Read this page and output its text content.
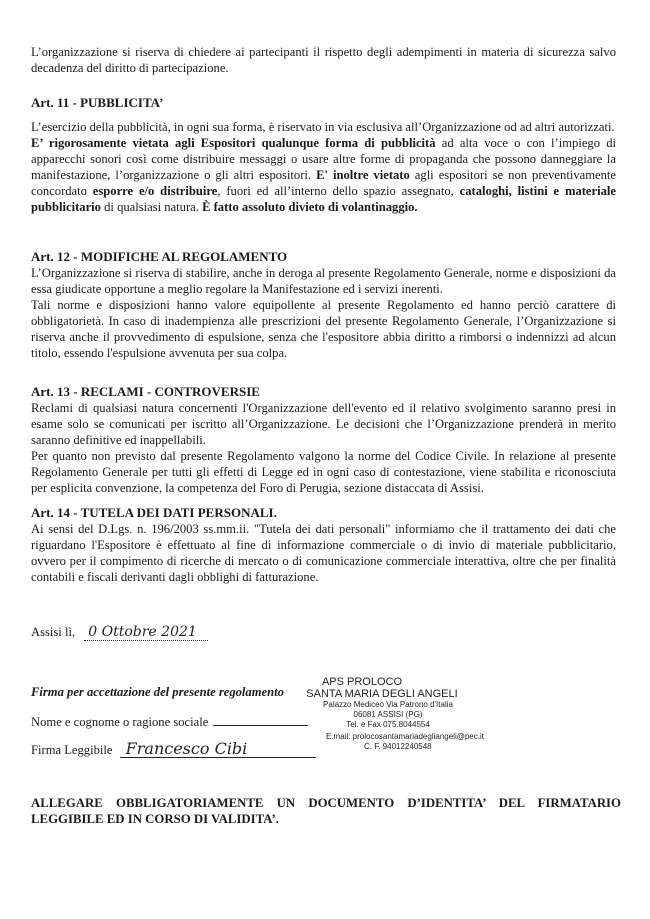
L’organizzazione si riserva di chiedere ai partecipanti il rispetto degli adempimenti in materia di sicurezza salvo decadenza del diritto di partecipazione.

Art. 11 - PUBBLICITA’

L’esercizio della pubblicità, in ogni sua forma, è riservato in via esclusiva all’Organizzazione od ad altri autorizzati.

E’ rigorosamente vietata agli Espositori qualunque forma di pubblicità ad alta voce o con l’impiego di apparecchi sonori così come distribuire messaggi o usare altre forme di propaganda che possono danneggiare la manifestazione, l’organizzazione o gli altri espositori. E' inoltre vietato agli espositori se non preventivamente concordato esporre e/o distribuire, fuori ed all’interno dello spazio assegnato, cataloghi, listini e materiale pubblicitario di qualsiasi natura. È fatto assoluto divieto di volantinaggio.

Art. 12 - MODIFICHE AL REGOLAMENTO

L’Organizzazione si riserva di stabilire, anche in deroga al presente Regolamento Generale, norme e disposizioni da essa giudicate opportune a meglio regolare la Manifestazione ed i servizi inerenti.

Tali norme e disposizioni hanno valore equipollente al presente Regolamento ed hanno perciò carattere di obbligatorietà. In caso di inadempienza alle prescrizioni del presente Regolamento Generale, l’Organizzazione si riserva anche il provvedimento di espulsione, senza che l'espositore abbia diritto a rimborsi o indennizzi ad alcun titolo, essendo l'espulsione avvenuta per sua colpa.

Art. 13 - RECLAMI - CONTROVERSIE

Reclami di qualsiasi natura concernenti l'Organizzazione dell'evento ed il relativo svolgimento saranno presi in esame solo se comunicati per iscritto all’Organizzazione. Le decisioni che l’Organizzazione prenderà in merito saranno definitive ed inappellabili.

Per quanto non previsto dal presente Regolamento valgono la norme del Codice Civile. In relazione al presente Regolamento Generale per tutti gli effetti di Legge ed in ogni caso di contestazione, viene stabilita e riconosciuta per esplicita convenzione, la competenza del Foro di Perugia, sezione distaccata di Assisi.

Art. 14 - TUTELA DEI DATI PERSONALI.

Ai sensi del D.Lgs. n. 196/2003 ss.mm.ii. "Tutela dei dati personali" informiamo che il trattamento dei dati che riguardano l'Espositore è effettuato al fine di informazione commerciale o di invio di materiale pubblicitario, ovvero per il compimento di ricerche di mercato o di comunicazione commerciale interattiva, oltre che per finalità contabili e fiscali derivanti dagli obblighi di fatturazione.

Assisi lì, 0 Ottobre 2021
Firma per accettazione del presente regolamento
Nome e cognome o ragione sociale
Firma Leggibile Francesco Cibi
APS PROLOCO
SANTA MARIA DEGLI ANGELI
Palazzo Mediceo Via Patrono d'Italia
06081 ASSISI (PG)
Tel. e Fax 075.8044554
E.mail: prolocosantamariadegliangeli@pec.it
C. F. 94012240548
ALLEGARE OBBLIGATORIAMENTE UN DOCUMENTO D’IDENTITA’ DEL FIRMATARIO LEGGIBILE ED IN CORSO DI VALIDITA’.
